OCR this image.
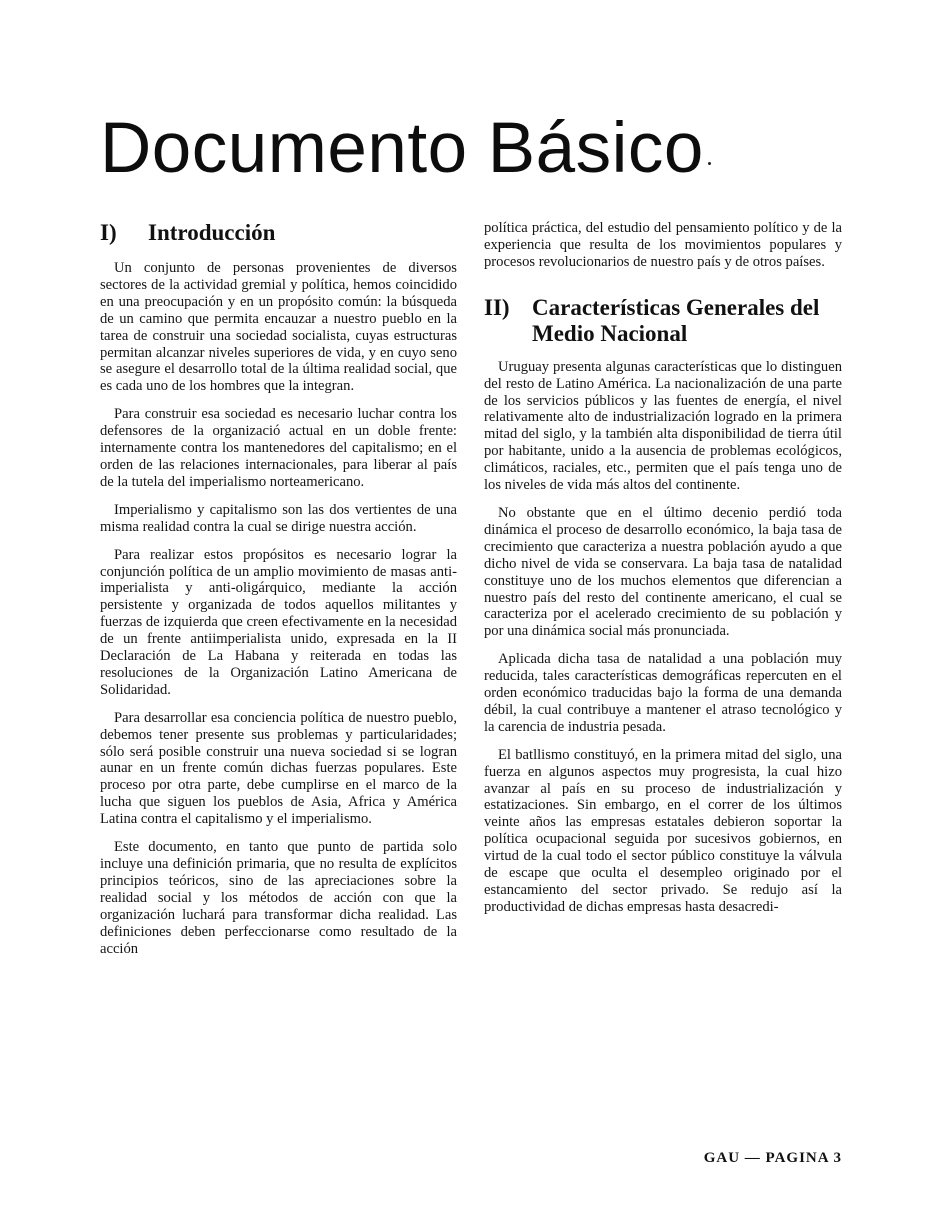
Documento Básico
I)	Introducción

Un conjunto de personas provenientes de diversos sectores de la actividad gremial y política, hemos coincidido en una preocupación y en un propósito común: la búsqueda de un camino que permita encauzar a nuestro pueblo en la tarea de construir una sociedad socialista, cuyas estructuras permitan alcanzar niveles superiores de vida, y en cuyo seno se asegure el desarrollo total de la última realidad social, que es cada uno de los hombres que la integran.

Para construir esa sociedad es necesario luchar contra los defensores de la organizació actual en un doble frente: internamente contra los mantenedores del capitalismo; en el orden de las relaciones internacionales, para liberar al país de la tutela del imperialismo norteamericano.

Imperialismo y capitalismo son las dos vertientes de una misma realidad contra la cual se dirige nuestra acción.

Para realizar estos propósitos es necesario lograr la conjunción política de un amplio movimiento de masas anti-imperialista y anti-oligárquico, mediante la acción persistente y organizada de todos aquellos militantes y fuerzas de izquierda que creen efectivamente en la necesidad de un frente antiimperialista unido, expresada en la II Declaración de La Habana y reiterada en todas las resoluciones de la Organización Latino Americana de Solidaridad.

Para desarrollar esa conciencia política de nuestro pueblo, debemos tener presente sus problemas y particularidades; sólo será posible construir una nueva sociedad si se logran aunar en un frente común dichas fuerzas populares. Este proceso por otra parte, debe cumplirse en el marco de la lucha que siguen los pueblos de Asia, Africa y América Latina contra el capitalismo y el imperialismo.

Este documento, en tanto que punto de partida solo incluye una definición primaria, que no resulta de explícitos principios teóricos, sino de las apreciaciones sobre la realidad social y los métodos de acción con que la organización luchará para transformar dicha realidad. Las definiciones deben perfeccionarse como resultado de la acción

política práctica, del estudio del pensamiento político y de la experiencia que resulta de los movimientos populares y procesos revolucionarios de nuestro país y de otros países.

II) Características Generales del Medio Nacional

Uruguay presenta algunas características que lo distinguen del resto de Latino América. La nacionalización de una parte de los servicios públicos y las fuentes de energía, el nivel relativamente alto de industrialización logrado en la primera mitad del siglo, y la también alta disponibilidad de tierra útil por habitante, unido a la ausencia de problemas ecológicos, climáticos, raciales, etc., permiten que el país tenga uno de los niveles de vida más altos del continente.

No obstante que en el último decenio perdió toda dinámica el proceso de desarrollo económico, la baja tasa de crecimiento que caracteriza a nuestra población ayudo a que dicho nivel de vida se conservara. La baja tasa de natalidad constituye uno de los muchos elementos que diferencian a nuestro país del resto del continente americano, el cual se caracteriza por el acelerado crecimiento de su población y por una dinámica social más pronunciada.

Aplicada dicha tasa de natalidad a una población muy reducida, tales características demográficas repercuten en el orden económico traducidas bajo la forma de una demanda débil, la cual contribuye a mantener el atraso tecnológico y la carencia de industria pesada.

El batllismo constituyó, en la primera mitad del siglo, una fuerza en algunos aspectos muy progresista, la cual hizo avanzar al país en su proceso de industrialización y estatizaciones. Sin embargo, en el correr de los últimos veinte años las empresas estatales debieron soportar la política ocupacional seguida por sucesivos gobiernos, en virtud de la cual todo el sector público constituye la válvula de escape que oculta el desempleo originado por el estancamiento del sector privado. Se redujo así la productividad de dichas empresas hasta desacredi-

GAU — PAGINA 3
